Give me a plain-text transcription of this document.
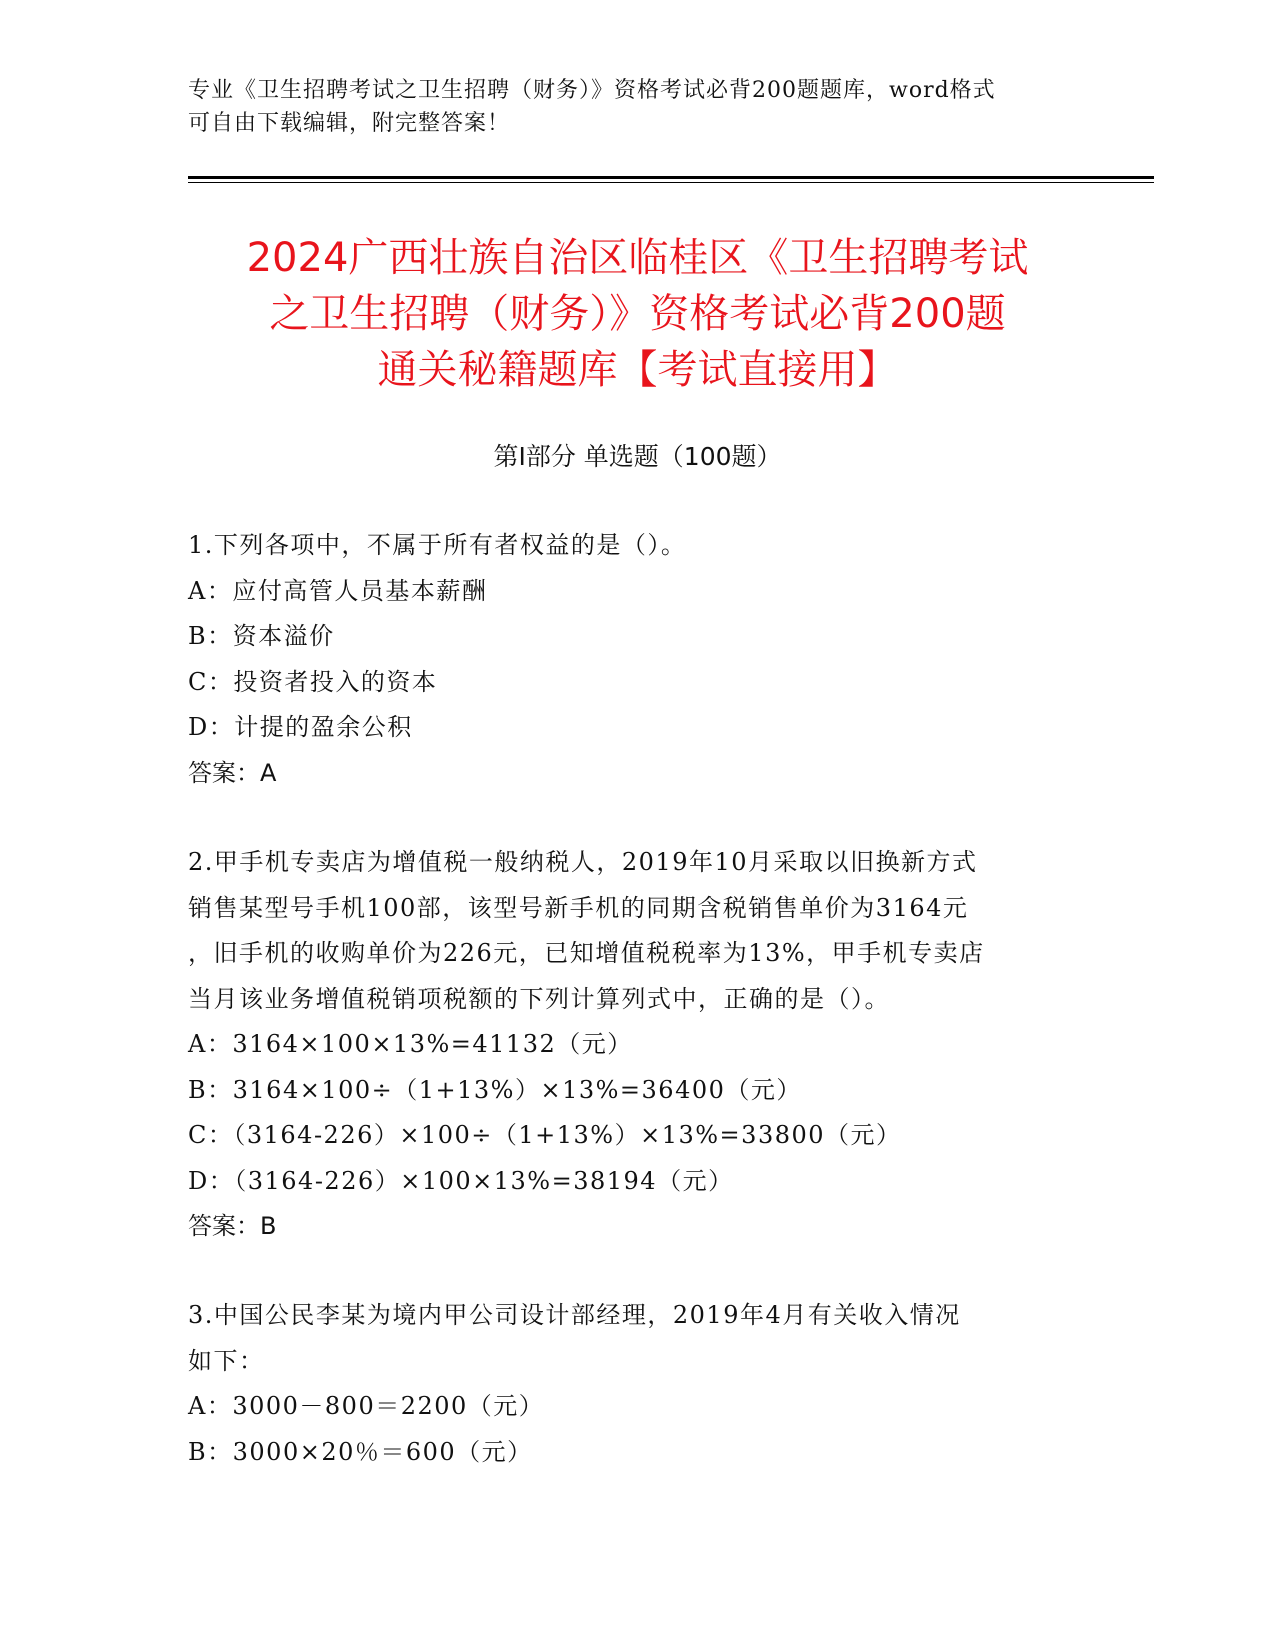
专业《卫生招聘考试之卫生招聘（财务）》资格考试必背200题题库，word格式
可自由下载编辑，附完整答案！
2024广西壮族自治区临桂区《卫生招聘考试
之卫生招聘（财务）》资格考试必背200题
通关秘籍题库【考试直接用】
第Ⅰ部分 单选题（100题）
1.下列各项中，不属于所有者权益的是（）。
A：应付高管人员基本薪酬
B：资本溢价
C：投资者投入的资本
D：计提的盈余公积
答案：A
2.甲手机专卖店为增值税一般纳税人，2019年10月采取以旧换新方式
销售某型号手机100部，该型号新手机的同期含税销售单价为3164元
，旧手机的收购单价为226元，已知增值税税率为13%，甲手机专卖店
当月该业务增值税销项税额的下列计算列式中，正确的是（）。
A：3164×100×13%=41132（元）
B：3164×100÷（1+13%）×13%=36400（元）
C：（3164-226）×100÷（1+13%）×13%=33800（元）
D：（3164-226）×100×13%=38194（元）
答案：B
3.中国公民李某为境内甲公司设计部经理，2019年4月有关收入情况
如下：
A：3000－800＝2200（元）
B：3000×20％＝600（元）
